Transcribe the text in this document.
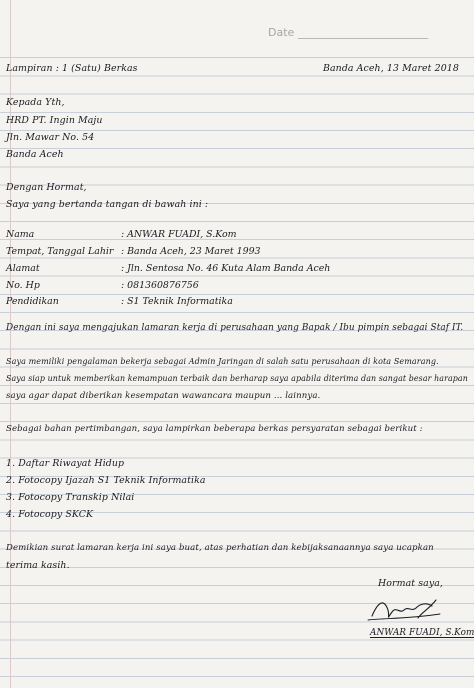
Date
Lampiran : 1 (Satu) Berkas	Banda Aceh, 13 Maret 2018
Kepada Yth,
HRD PT. Ingin Maju
Jln. Mawar No. 54
Banda Aceh
Dengan Hormat,
Saya yang bertanda tangan di bawah ini :
Nama	: ANWAR FUADI, S.Kom
Tempat, Tanggal Lahir : Banda Aceh, 23 Maret 1993
Alamat	: Jln. Sentosa No. 46 Kuta Alam Banda Aceh
No. Hp	: 081360876756
Pendidikan	: S1 Teknik Informatika
Dengan ini saya mengajukan lamaran kerja di perusahaan yang Bapak / Ibu pimpin sebagai Staf IT.
Saya memiliki pengalaman bekerja sebagai Admin Jaringan di salah satu perusahaan di kota Semarang.
Saya siap untuk memberikan kemampuan terbaik dan berharap saya apabila diterima dan sangat besar harapan
saya agar dapat diberikan kesempatan wawancara maupun ... lainnya.
Sebagai bahan pertimbangan, saya lampirkan beberapa berkas persyaratan sebagai berikut :
1. Daftar Riwayat Hidup
2. Fotocopy Ijazah S1 Teknik Informatika
3. Fotocopy Transkip Nilai
4. Fotocopy SKCK
Demikian surat lamaran kerja ini saya buat, atas perhatian dan kebijaksanaannya saya ucapkan
terima kasih.
Hormat saya,
ANWAR FUADI, S.Kom
